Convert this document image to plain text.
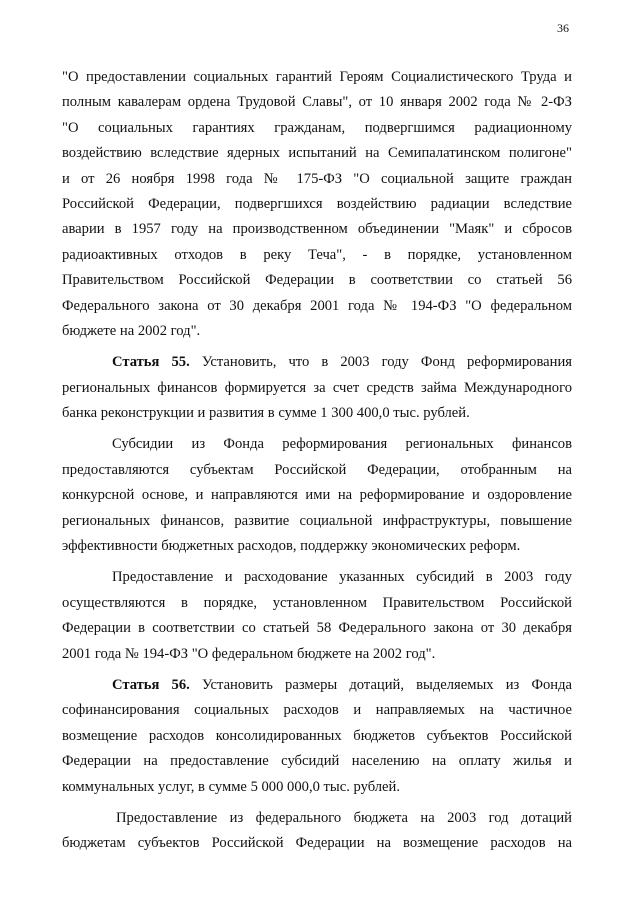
36
"О предоставлении социальных гарантий Героям Социалистического Труда и
полным кавалерам ордена Трудовой Славы", от 10 января 2002 года № 2-ФЗ
"О социальных гарантиях гражданам, подвергшимся радиационному
воздействию вследствие ядерных испытаний на Семипалатинском полигоне"
и от 26 ноября 1998 года № 175-ФЗ "О социальной защите граждан
Российской Федерации, подвергшихся воздействию радиации вследствие
аварии в 1957 году на производственном объединении "Маяк" и сбросов
радиоактивных отходов в реку Теча", - в порядке, установленном
Правительством Российской Федерации в соответствии со статьей 56
Федерального закона от 30 декабря 2001 года № 194-ФЗ "О федеральном
бюджете на 2002 год".
Статья 55. Установить, что в 2003 году Фонд реформирования
региональных финансов формируется за счет средств займа Международного
банка реконструкции и развития в сумме 1 300 400,0 тыс. рублей.
Субсидии из Фонда реформирования региональных финансов
предоставляются субъектам Российской Федерации, отобранным на
конкурсной основе, и направляются ими на реформирование и оздоровление
региональных финансов, развитие социальной инфраструктуры, повышение
эффективности бюджетных расходов, поддержку экономических реформ.
Предоставление и расходование указанных субсидий в 2003 году
осуществляются в порядке, установленном Правительством Российской
Федерации в соответствии со статьей 58 Федерального закона от 30 декабря
2001 года № 194-ФЗ "О федеральном бюджете на 2002 год".
Статья 56. Установить размеры дотаций, выделяемых из Фонда
софинансирования социальных расходов и направляемых на частичное
возмещение расходов консолидированных бюджетов субъектов Российской
Федерации на предоставление субсидий населению на оплату жилья и
коммунальных услуг, в сумме 5 000 000,0 тыс. рублей.
Предоставление из федерального бюджета на 2003 год дотаций
бюджетам субъектов Российской Федерации на возмещение расходов на
